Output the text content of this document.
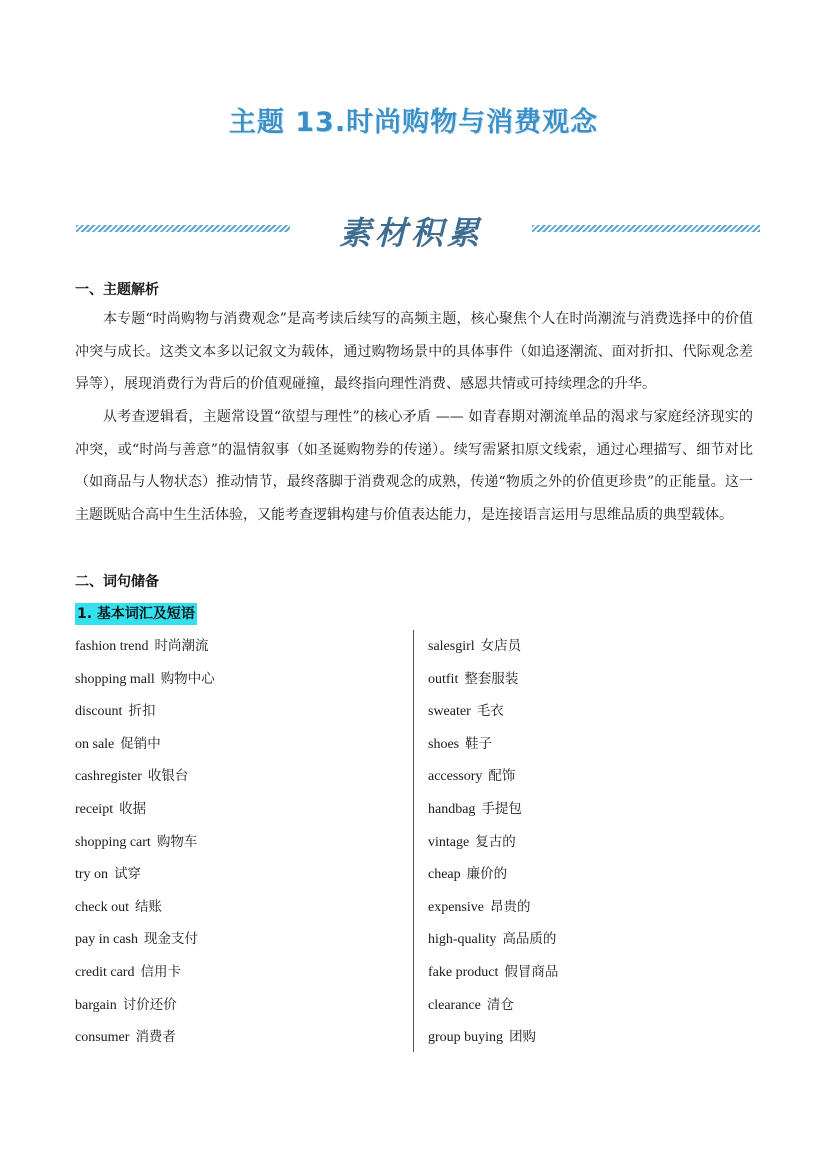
主题 13.时尚购物与消费观念
素材积累
一、主题解析

本专题“时尚购物与消费观念”是高考读后续写的高频主题，核心聚焦个人在时尚潮流与消费选择中的价值冲突与成长。这类文本多以记叙文为载体，通过购物场景中的具体事件（如追逐潮流、面对折扣、代际观念差异等），展现消费行为背后的价值观碰撞，最终指向理性消费、感恩共情或可持续理念的升华。

从考查逻辑看，主题常设置“欲望与理性”的核心矛盾 —— 如青春期对潮流单品的渴求与家庭经济现实的冲突，或“时尚与善意”的温情叙事（如圣诞购物券的传递）。续写需紧扣原文线索，通过心理描写、细节对比（如商品与人物状态）推动情节，最终落脚于消费观念的成熟，传递“物质之外的价值更珍贵”的正能量。这一主题既贴合高中生生活体验，又能考查逻辑构建与价值表达能力，是连接语言运用与思维品质的典型载体。

二、词句储备
1. 基本词汇及短语
fashion trend 时尚潮流
shopping mall 购物中心
discount 折扣
on sale 促销中
cashregister 收银台
receipt 收据
shopping cart 购物车
try on 试穿
check out 结账
pay in cash 现金支付
credit card 信用卡
bargain 讨价还价
consumer 消费者
salesgirl 女店员
outfit 整套服装
sweater 毛衣
shoes 鞋子
accessory 配饰
handbag 手提包
vintage 复古的
cheap 廉价的
expensive 昂贵的
high-quality 高品质的
fake product 假冒商品
clearance 清仓
group buying 团购
